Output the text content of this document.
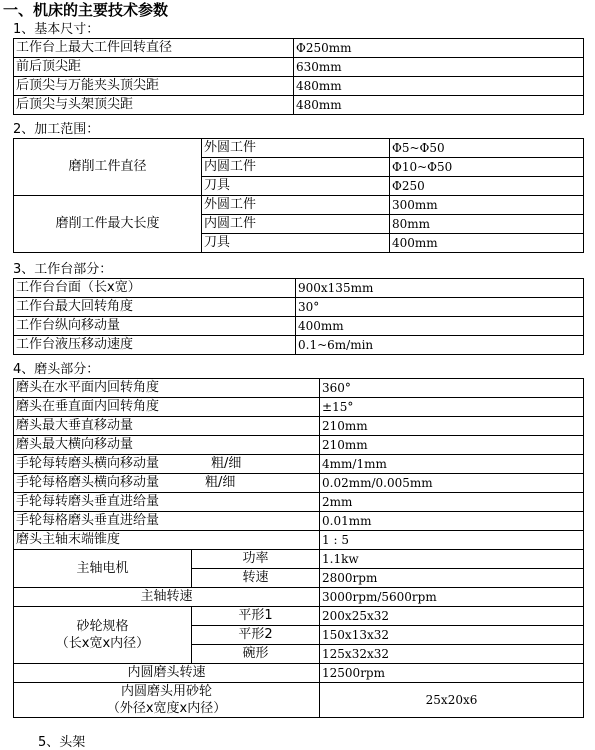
一、机床的主要技术参数
1、基本尺寸：
工作台上最大工件回转直径	Φ250mm
前后顶尖距	630mm
后顶尖与万能夹头顶尖距	480mm
后顶尖与头架顶尖距	480mm
2、加工范围：
磨削工件直径	外圆工件	Φ5~Φ50
	内圆工件	Φ10~Φ50
	刀具	Φ250
磨削工件最大长度	外圆工件	300mm
	内圆工件	80mm
	刀具	400mm
3、工作台部分：
工作台台面（长x宽）	900x135mm
工作台最大回转角度	30°
工作台纵向移动量	400mm
工作台液压移动速度	0.1~6m/min
4、磨头部分：
磨头在水平面内回转角度		360°
磨头在垂直面内回转角度		±15°
磨头最大垂直移动量		210mm
磨头最大横向移动量		210mm
手轮每转磨头横向移动量 粗/细		4mm/1mm
手轮每格磨头横向移动量 粗/细		0.02mm/0.005mm
手轮每转磨头垂直进给量		2mm
手轮每格磨头垂直进给量		0.01mm
磨头主轴末端锥度		1 : 5
主轴电机	功率	1.1kw
	转速	2800rpm
主轴转速		3000rpm/5600rpm

砂轮规格
（长x宽x内径）	平形1	200x25x32
	平形2	150x13x32
	碗形	125x32x32
内圆磨头转速		12500rpm

内圆磨头用砂轮
（外径x宽度x内径）		25x20x6
5、头架
